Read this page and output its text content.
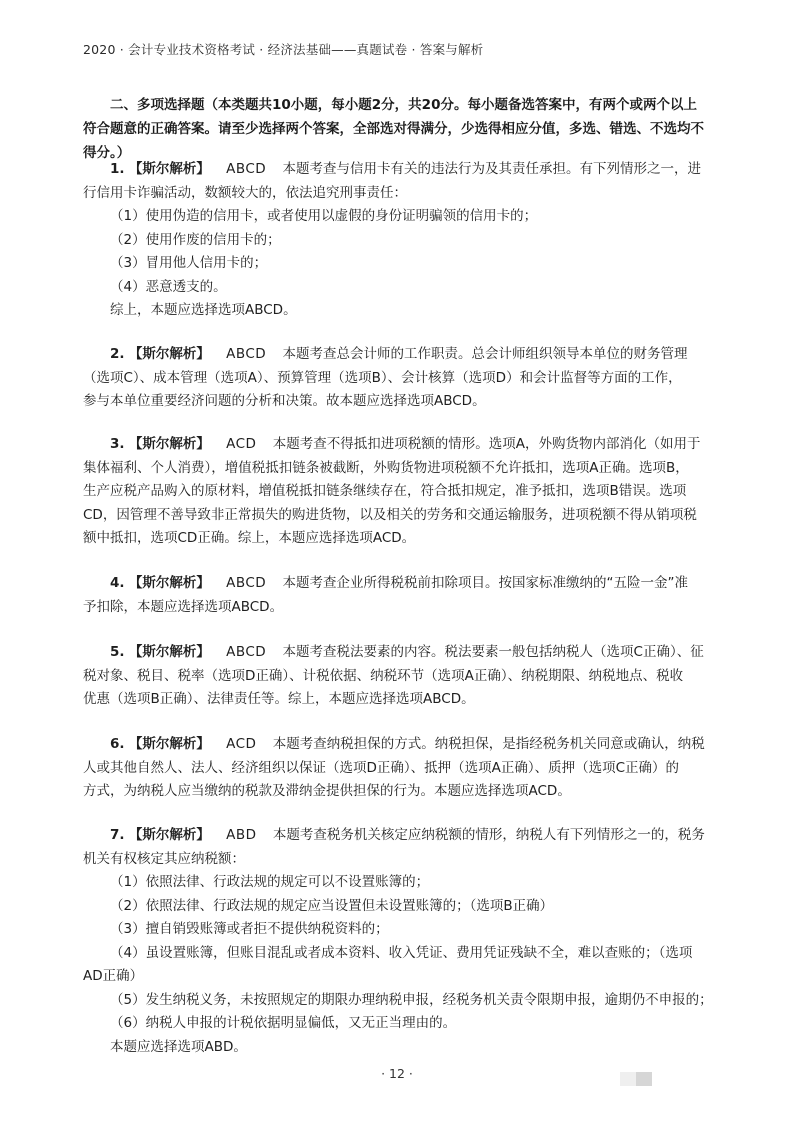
2020 · 会计专业技术资格考试 · 经济法基础——真题试卷 · 答案与解析
二、多项选择题（本类题共10小题，每小题2分，共20分。每小题备选答案中，有两个或两个以上
符合题意的正确答案。请至少选择两个答案，全部选对得满分，少选得相应分值，多选、错选、不选均不
得分。）
1. 【斯尔解析】 ABCD 本题考查与信用卡有关的违法行为及其责任承担。有下列情形之一，进
行信用卡诈骗活动，数额较大的，依法追究刑事责任：
（1）使用伪造的信用卡，或者使用以虚假的身份证明骗领的信用卡的；
（2）使用作废的信用卡的；
（3）冒用他人信用卡的；
（4）恶意透支的。
综上，本题应选择选项ABCD。
2. 【斯尔解析】 ABCD 本题考查总会计师的工作职责。总会计师组织领导本单位的财务管理
（选项C）、成本管理（选项A）、预算管理（选项B）、会计核算（选项D）和会计监督等方面的工作，
参与本单位重要经济问题的分析和决策。故本题应选择选项ABCD。
3. 【斯尔解析】 ACD 本题考查不得抵扣进项税额的情形。选项A，外购货物内部消化（如用于
集体福利、个人消费），增值税抵扣链条被截断，外购货物进项税额不允许抵扣，选项A正确。选项B，
生产应税产品购入的原材料，增值税抵扣链条继续存在，符合抵扣规定，准予抵扣，选项B错误。选项
CD，因管理不善导致非正常损失的购进货物，以及相关的劳务和交通运输服务，进项税额不得从销项税
额中抵扣，选项CD正确。综上，本题应选择选项ACD。
4. 【斯尔解析】 ABCD 本题考查企业所得税税前扣除项目。按国家标准缴纳的“五险一金”准
予扣除，本题应选择选项ABCD。
5. 【斯尔解析】 ABCD 本题考查税法要素的内容。税法要素一般包括纳税人（选项C正确）、征
税对象、税目、税率（选项D正确）、计税依据、纳税环节（选项A正确）、纳税期限、纳税地点、税收
优惠（选项B正确）、法律责任等。综上，本题应选择选项ABCD。
6. 【斯尔解析】 ACD 本题考查纳税担保的方式。纳税担保，是指经税务机关同意或确认，纳税
人或其他自然人、法人、经济组织以保证（选项D正确）、抵押（选项A正确）、质押（选项C正确）的
方式，为纳税人应当缴纳的税款及滞纳金提供担保的行为。本题应选择选项ACD。
7. 【斯尔解析】 ABD 本题考查税务机关核定应纳税额的情形，纳税人有下列情形之一的，税务
机关有权核定其应纳税额：
（1）依照法律、行政法规的规定可以不设置账簿的；
（2）依照法律、行政法规的规定应当设置但未设置账簿的；（选项B正确）
（3）擅自销毁账簿或者拒不提供纳税资料的；
（4）虽设置账簿，但账目混乱或者成本资料、收入凭证、费用凭证残缺不全，难以查账的；（选项
AD正确）
（5）发生纳税义务，未按照规定的期限办理纳税申报，经税务机关责令限期申报，逾期仍不申报的；
（6）纳税人申报的计税依据明显偏低，又无正当理由的。
本题应选择选项ABD。
· 12 ·
